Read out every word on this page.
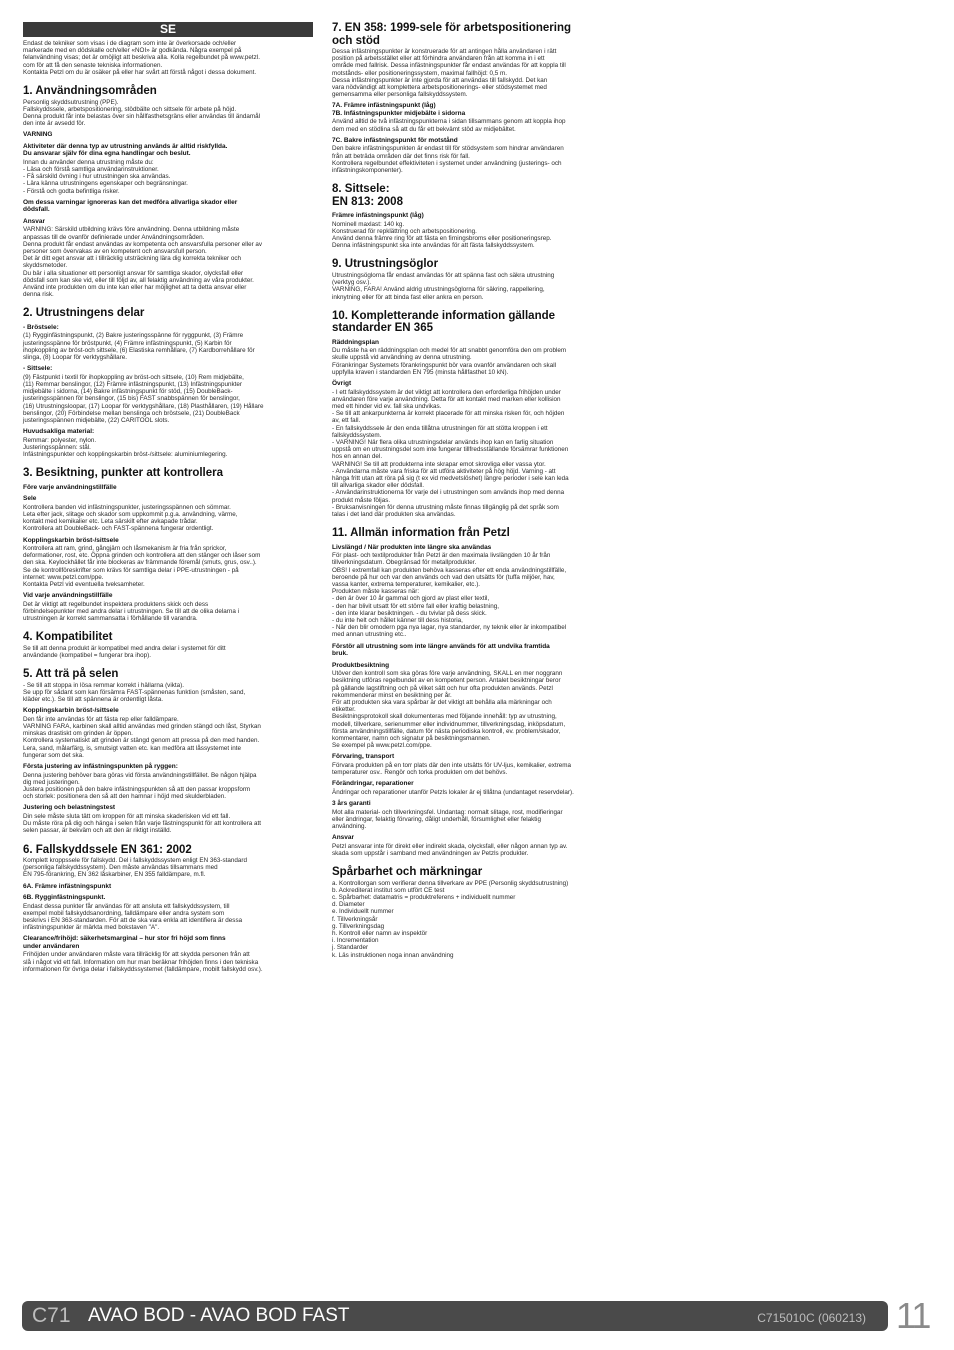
SE

Endast de tekniker som visas i de diagram som inte är överkorsade och/eller
markerade med en dödskalle och/eller «NOI» är godkända. Några exempel på
felanvändning visas; det är omöjligt att beskriva alla. Kolla regelbundet på www.petzl.
com för att få den senaste tekniska informationen.
Kontakta Petzl om du är osäker på eller har svårt att förstå något i dessa dokument.

1. Användningsområden

Personlig skyddsutrustning (PPE).
Fallskyddssele, arbetspositionering, stödbälte och sittsele för arbete på höjd.
Denna produkt får inte belastas över sin hållfasthetsgräns eller användas till ändamål
den inte är avsedd för.

VARNING
Aktiviteter där denna typ av utrustning används är alltid riskfyllda.
Du ansvarar själv för dina egna handlingar och beslut.

Innan du använder denna utrustning måste du:
- Läsa och förstå samtliga användarinstruktioner.
- Få särskild övning i hur utrustningen ska användas.
- Lära känna utrustningens egenskaper och begränsningar.
- Förstå och godta befintliga risker.

Om dessa varningar ignoreras kan det medföra allvarliga skador eller
dödsfall.
Ansvar

VARNING: Särskild utbildning krävs före användning. Denna utbildning måste
anpassas till de ovanför definierade under Användningsområden.
Denna produkt får endast användas av kompetenta och ansvarsfulla personer eller av
personer som övervakas av en kompetent och ansvarsfull person.
Det är ditt eget ansvar att i tillräcklig utsträckning lära dig korrekta tekniker och
skyddsmetoder.
Du bär i alla situationer ett personligt ansvar för samtliga skador, olycksfall eller
dödsfall som kan ske vid, eller till följd av, all felaktig användning av våra produkter.
Använd inte produkten om du inte kan eller har möjlighet att ta detta ansvar eller
denna risk.

2. Utrustningens delar
- Bröstsele:

(1) Rygginfästningspunkt, (2) Bakre justeringsspänne för ryggpunkt, (3) Främre
justeringsspänne för bröstpunkt, (4) Främre infästningspunkt, (5) Karbin för
ihopkoppling av bröst-och sittsele, (6) Elastiska remhållare, (7) Kardborrehållare för
slinga, (8) Loopar för verktygshållare.

- Sittsele:

(9) Fästpunkt i textil för ihopkoppling av bröst-och sittsele, (10) Rem midjebälte,
(11) Remmar benslingor, (12) Främre infästningspunkt, (13) Infästningspunkter
midjebälte i sidorna, (14) Bakre infästningspunkt för stöd, (15) DoubleBack-
justeringsspännen för benslingor, (15 bis) FAST snabbspännen för benslingor,
(16) Utrustningsloopar, (17) Loopar för verktygshållare, (18) Plasthållaren, (19) Hållare
benslingor, (20) Förbindelse mellan benslinga och bröstsele, (21) DoubleBack
justeringsspännen midjebälte, (22) CARITOOL slots.

Huvudsakliga material:

Remmar: polyester, nylon.
Justeringsspännen: stål.
Infästningspunkter och kopplingskarbin bröst-/sittsele: aluminiumlegering.

3. Besiktning, punkter att kontrollera
Före varje användningstillfälle
Sele

Kontrollera banden vid infästningspunkter, justeringsspännen och sömmar.
Leta efter jack, slitage och skador som uppkommit p.g.a. användning, värme,
kontakt med kemikalier etc. Leta särskilt efter avkapade trådar.
Kontrollera att DoubleBack- och FAST-spännena fungerar ordentligt.

Kopplingskarbin bröst-/sittsele

Kontrollera att ram, grind, gångjärn och låsmekanism är fria från sprickor,
deformationer, rost, etc. Öppna grinden och kontrollera att den stänger och låser som
den ska. Keylockhället får inte blockeras av främmande föremål (smuts, grus, osv..).
Se de kontrollföreskrifter som krävs för samtliga delar i PPE-utrustningen - på
internet: www.petzl.com/ppe.
Kontakta Petzl vid eventuella tveksamheter.

Vid varje användningstillfälle

Det är viktigt att regelbundet inspektera produktens skick och dess
förbindelsepunkter med andra delar i utrustningen. Se till att de olika delarna i
utrustningen är korrekt sammansatta i förhållande till varandra.

4. Kompatibilitet

Se till att denna produkt är kompatibel med andra delar i systemet för ditt
användande (kompatibel = fungerar bra ihop).

5. Att trä på selen

- Se till att stoppa in lösa remmar korrekt i hällarna (vikta).
Se upp för sådant som kan försämra FAST-spännenas funktion (småsten, sand,
kläder etc.). Se till att spännena är ordentligt låsta.

Kopplingskarbin bröst-/sittsele

Den får inte användas för att fästa rep eller falldämpare.
VARNING FARA, karbinen skall alltid användas med grinden stängd och låst, Styrkan
minskas drastiskt om grinden är öppen.
Kontrollera systematiskt att grinden är stängd genom att pressa på den med handen.
Lera, sand, målarfärg, is, smutsigt vatten etc. kan medföra att låssystemet inte
fungerar som det ska.

Första justering av infästningspunkten på ryggen:

Denna justering behöver bara göras vid första användningstillfället. Be någon hjälpa
dig med justeringen.
Justera positionen på den bakre infästningspunkten så att den passar kroppsform
och storlek: positionera den så att den hamnar i höjd med skulderbladen.

Justering och belastningstest

Din sele måste sluta tätt om kroppen för att minska skaderisken vid ett fall.
Du måste röra på dig och hänga i selen från varje fästningspunkt för att kontrollera att
selen passar, är bekväm och att den är riktigt inställd.

6. Fallskyddssele EN 361: 2002

Komplett kroppssele för fallskydd. Del i fallskyddssystem enligt EN 363-standard
(personliga fallskyddssystem). Den måste användas tillsammans med
EN 795-förankring, EN 362 låskarbiner, EN 355 falldämpare, m.fl.

6A. Främre infästningspunkt
6B. Rygginfästningspunkt.

Endast dessa punkter får användas för att ansluta ett fallskyddssystem, till
exempel mobil fallskyddsanordning, falldämpare eller andra system som
beskrivs i EN 363-standarden. För att de ska vara enkla att identifiera är dessa
infästningspunkter är märkta med bokstaven "A".

Clearance/frihöjd: säkerhetsmarginal – hur stor fri höjd som finns
under användaren

Frihöjden under användaren måste vara tillräcklig för att skydda personen från att
slå i något vid ett fall. Information om hur man beräknar frihöjden finns i den tekniska
informationen för övriga delar i fallskyddssystemet (falldämpare, mobilt fallskydd osv.).

7. EN 358: 1999-sele för arbetspositionering
och stöd

Dessa infästningspunkter är konstruerade för att antingen hålla användaren i rätt
position på arbetsstället eller att förhindra användaren från att komma in i ett
område med fallrisk. Dessa infästningspunkter får endast användas för att koppla till
motstånds- eller positioneringssystem, maximal fallhöjd: 0,5 m.
Dessa infästningspunkter är inte gjorda för att användas till fallskydd. Det kan
vara nödvändigt att komplettera arbetspositionerings- eller stödsystemet med
gemensamma eller personliga fallskyddssystem.

7A. Främre infästningspunkt (låg)
7B. Infästningspunkter midjebälte i sidorna

Använd alltid de två infästningspunkterna i sidan tillsammans genom att koppla ihop
dem med en stödlina så att du får ett bekvämt stöd av midjebältet.

7C. Bakre infästningspunkt för motstånd

Den bakre infästningspunkten är endast till för stödsystem som hindrar användaren
från att beträda områden där det finns risk för fall.
Kontrollera regelbundet effektiviteten i systemet under användning (justerings- och
infästningskomponenter).

8. Sittsele:
EN 813: 2008
Främre infästningspunkt (låg)

Nominell maxlast: 140 kg.
Konstruerad för repklättring och arbetspositionering.
Använd denna främre ring för att fästa en firningsbroms eller positioneringsrep.
Denna infästningspunkt ska inte användas för att fästa fallskyddssystem.

9. Utrustningsöglor

Utrustningsöglorna får endast användas för att spänna fast och säkra utrustning
(verktyg osv.).
VARNING, FARA! Använd aldrig utrustningsöglorna för säkring, rappellering,
inknytning eller för att binda fast eller ankra en person.

10. Kompletterande information gällande
standarder EN 365
Räddningsplan

Du måste ha en räddningsplan och medel för att snabbt genomföra den om problem
skulle uppstå vid användning av denna utrustning.
Förankringar Systemets förankringspunkt bör vara ovanför användaren och skall
uppfylla kraven i standarden EN 795 (minsta hållfasthet 10 kN).

Övrigt

- I ett fallskyddssystem är det viktigt att kontrollera den erforderliga frihöjden under
användaren före varje användning. Detta för att kontakt med marken eller kollision
med ett hinder vid ev. fall ska undvikas.
- Se till att ankarpunkterna är korrekt placerade för att minska risken för, och höjden
av, ett fall.
- En fallskyddssele är den enda tillåtna utrustningen för att stötta kroppen i ett
fallskyddssystem.
- VARNING! När flera olika utrustningsdelar används ihop kan en farlig situation
uppstå om en utrustningsdel som inte fungerar tillfredsställande försämrar funktionen
hos en annan del.
VARNING! Se till att produkterna inte skrapar emot skrovliga eller vassa ytor.
- Användarna måste vara friska för att utföra aktiviteter på hög höjd. Varning - att
hänga fritt utan att röra på sig (t ex vid medvetslöshet) längre perioder i sele kan leda
till allvarliga skador eller dödsfall.
- Användarinstruktionerna för varje del i utrustningen som används ihop med denna
produkt måste följas.
- Bruksanvisningen för denna utrustning måste finnas tillgänglig på det språk som
talas i det land där produkten ska användas.

11. Allmän information från Petzl
Livslängd / När produkten inte längre ska användas

För plast- och textilprodukter från Petzl är den maximala livslängden 10 år från
tillverkningsdatum. Obegränsad för metallprodukter.
OBS! I extremfall kan produkten behöva kasseras efter ett enda användningstillfälle,
beroende på hur och var den används och vad den utsätts för (tuffa miljöer, hav,
vassa kanter, extrema temperaturer, kemikalier, etc.).
Produkten måste kasseras när:
- den är över 10 år gammal och gjord av plast eller textil,
- den har blivit utsatt för ett större fall eller kraftig belastning,
- den inte klarar besiktningen. - du tvivlar på dess skick.
- du inte helt och hållet känner till dess historia,
- När den blir omodern pga nya lagar, nya standarder, ny teknik eller är inkompatibel
med annan utrustning etc..

Förstör all utrustning som inte längre används för att undvika framtida
bruk.
Produktbesiktning

Utöver den kontroll som ska göras före varje användning, SKALL en mer noggrann
besiktning utföras regelbundet av en kompetent person. Antalet besiktningar beror
på gällande lagstiftning och på vilket sätt och hur ofta produkten används. Petzl
rekommenderar minst en besiktning per år.
För att produkten ska vara spårbar är det viktigt att behålla alla märkningar och
etiketter.
Besiktningsprotokoll skall dokumenteras med följande innehåll: typ av utrustning,
modell, tillverkare, serienummer eller individnummer, tillverkningsdag, inköpsdatum,
första användningstillfälle, datum för nästa periodiska kontroll, ev. problem/skador,
kommentarer, namn och signatur på besiktningsmannen.
Se exempel på www.petzl.com/ppe.

Förvaring, transport

Förvara produkten på en torr plats där den inte utsätts för UV-ljus, kemikalier, extrema
temperaturer osv.. Rengör och torka produkten om det behövs.

Förändringar, reparationer

Ändringar och reparationer utanför Petzls lokaler är ej tillåtna (undantaget reservdelar).

3 års garanti

Mot alla material- och tillverkningsfel. Undantag: normalt slitage, rost, modifieringar
eller ändringar, felaktig förvaring, dåligt underhåll, försumlighet eller felaktig
användning.

Ansvar

Petzl ansvarar inte för direkt eller indirekt skada, olycksfall, eller någon annan typ av.
skada som uppstår i samband med användningen av Petzls produkter.

Spårbarhet och märkningar

a. Kontrollorgan som verifierar denna tillverkare av PPE (Personlig skyddsutrustning)
b. Ackrediterat institut som utfört CE test
c. Spårbarhet: datamatris = produktreferens + individuellt nummer
d. Diameter
e. Individuellt nummer
f. Tillverkningsår
g. Tillverkningsdag
h. Kontroll eller namn av inspektör
i. Incrementation
j. Standarder
k. Läs instruktionen noga innan användning

C71 AVAO BOD - AVAO BOD FAST	C715010C (060213) 11
